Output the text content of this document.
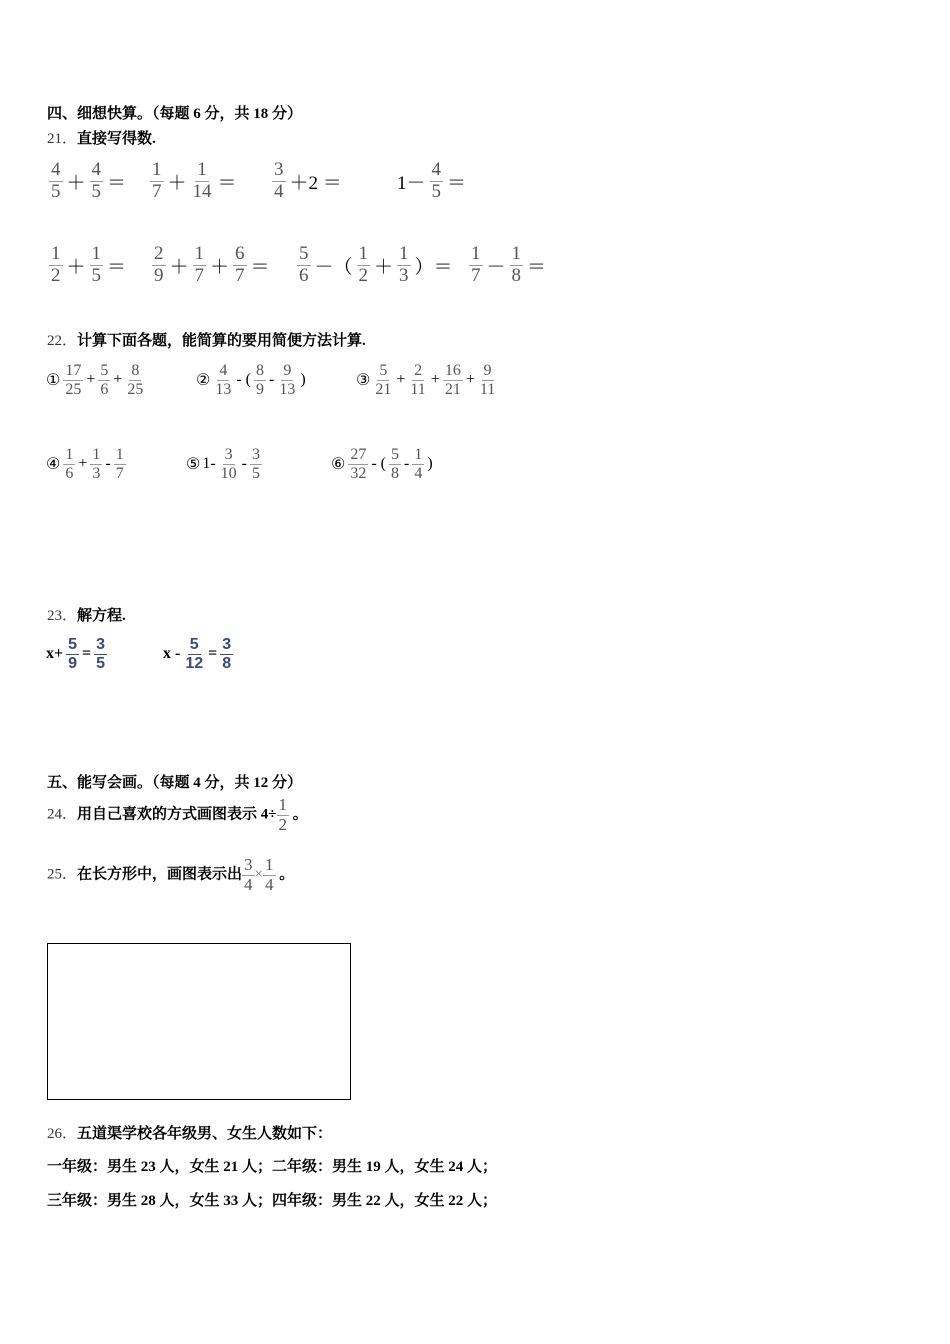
四、细想快算。（每题 6 分，共 18 分）
21．直接写得数.
$\frac{4}{5} + \frac{4}{5} = \frac{1}{7} + \frac{1}{14} = \frac{3}{4} +2$ ＝	$1- \frac{4}{5}$ ＝
$\frac{1}{2} + \frac{1}{5} = \frac{2}{9} + \frac{1}{7} + \frac{6}{7} = \frac{5}{6}$ －（ $\frac{1}{2} + \frac{1}{3}$ ）＝ $\frac{1}{7} - \frac{1}{8}$ ＝
22．计算下面各题，能简算的要用简便方法计算.
① $\frac{17}{25} + \frac{5}{6} + \frac{8}{25}$	② $\frac{4}{13}$ - ( $\frac{8}{9} - \frac{9}{13}$ )	③ $\frac{5}{21} + \frac{2}{11} + \frac{16}{21} + \frac{9}{11}$
④ $\frac{1}{6} + \frac{1}{3} - \frac{1}{7}$	⑤ $1- \frac{3}{10} - \frac{3}{5}$	⑥ $\frac{27}{32}$ - ( $\frac{5}{8} - \frac{1}{4}$ )
23．解方程.
$x+ \frac{5}{9} = \frac{3}{5}$	$x - \frac{5}{12} = \frac{3}{8}$
五、能写会画。（每题 4 分，共 12 分）
24．用自己喜欢的方式画图表示 $4\div \frac{1}{2}$ 。
25．在长方形中，画图表示出 $\frac{3}{4} \times \frac{1}{4}$ 。
26．五道渠学校各年级男、女生人数如下：
一年级：男生 23 人，女生 21 人；二年级：男生 19 人，女生 24 人；
三年级：男生 28 人，女生 33 人；四年级：男生 22 人，女生 22 人；
